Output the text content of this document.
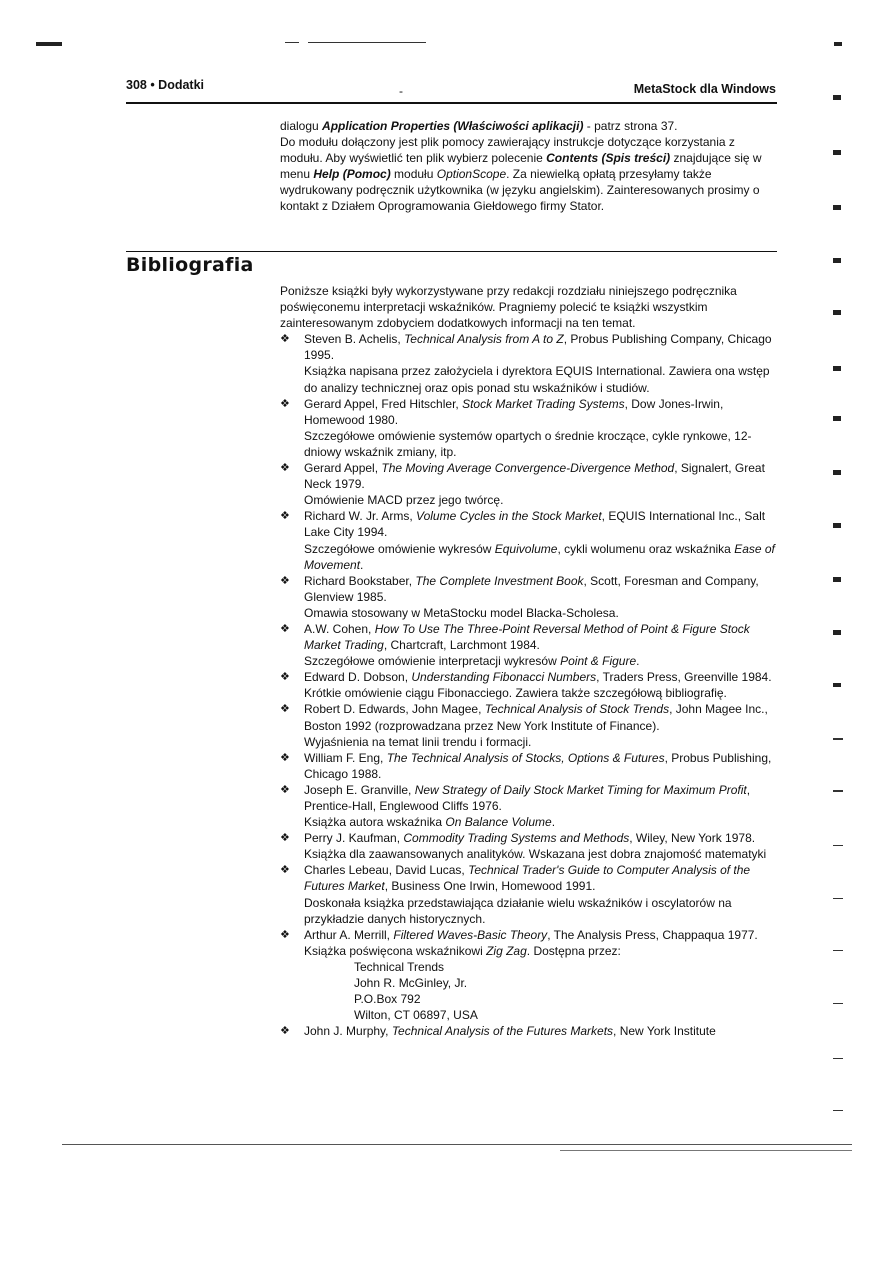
308 • Dodatki	-	MetaStock dla Windows
dialogu Application Properties (Właściwości aplikacji) - patrz strona 37.
Do modułu dołączony jest plik pomocy zawierający instrukcje dotyczące korzystania z modułu. Aby wyświetlić ten plik wybierz polecenie Contents (Spis treści) znajdujące się w menu Help (Pomoc) modułu OptionScope. Za niewielką opłatą przesyłamy także wydrukowany podręcznik użytkownika (w języku angielskim). Zainteresowanych prosimy o kontakt z Działem Oprogramowania Giełdowego firmy Stator.
Bibliografia

Poniższe książki były wykorzystywane przy redakcji rozdziału niniejszego podręcznika poświęconemu interpretacji wskaźników. Pragniemy polecić te książki wszystkim zainteresowanym zdobyciem dodatkowych informacji na ten temat.

❖ Steven B. Achelis, Technical Analysis from A to Z, Probus Publishing Company, Chicago 1995.
Książka napisana przez założyciela i dyrektora EQUIS International. Zawiera ona wstęp do analizy technicznej oraz opis ponad stu wskaźników i studiów.
❖ Gerard Appel, Fred Hitschler, Stock Market Trading Systems, Dow Jones-Irwin, Homewood 1980.
Szczegółowe omówienie systemów opartych o średnie kroczące, cykle rynkowe, 12-dniowy wskaźnik zmiany, itp.
❖ Gerard Appel, The Moving Average Convergence-Divergence Method, Signalert, Great Neck 1979.
Omówienie MACD przez jego twórcę.
❖ Richard W. Jr. Arms, Volume Cycles in the Stock Market, EQUIS International Inc., Salt Lake City 1994.
Szczegółowe omówienie wykresów Equivolume, cykli wolumenu oraz wskaźnika Ease of Movement.
❖ Richard Bookstaber, The Complete Investment Book, Scott, Foresman and Company, Glenview 1985.
Omawia stosowany w MetaStocku model Blacka-Scholesa.
❖ A.W. Cohen, How To Use The Three-Point Reversal Method of Point & Figure Stock Market Trading, Chartcraft, Larchmont 1984.
Szczegółowe omówienie interpretacji wykresów Point & Figure.
❖ Edward D. Dobson, Understanding Fibonacci Numbers, Traders Press, Greenville 1984.
Krótkie omówienie ciągu Fibonacciego. Zawiera także szczegółową bibliografię.
❖ Robert D. Edwards, John Magee, Technical Analysis of Stock Trends, John Magee Inc., Boston 1992 (rozprowadzana przez New York Institute of Finance).
Wyjaśnienia na temat linii trendu i formacji.
❖ William F. Eng, The Technical Analysis of Stocks, Options & Futures, Probus Publishing, Chicago 1988.
❖ Joseph E. Granville, New Strategy of Daily Stock Market Timing for Maximum Profit, Prentice-Hall, Englewood Cliffs 1976.
Książka autora wskaźnika On Balance Volume.
❖ Perry J. Kaufman, Commodity Trading Systems and Methods, Wiley, New York 1978.
Książka dla zaawansowanych analityków. Wskazana jest dobra znajomość matematyki
❖ Charles Lebeau, David Lucas, Technical Trader's Guide to Computer Analysis of the Futures Market, Business One Irwin, Homewood 1991.
Doskonała książka przedstawiająca działanie wielu wskaźników i oscylatorów na przykładzie danych historycznych.
❖ Arthur A. Merrill, Filtered Waves-Basic Theory, The Analysis Press, Chappaqua 1977.
Książka poświęcona wskaźnikowi Zig Zag. Dostępna przez:
Technical Trends
John R. McGinley, Jr.
P.O.Box 792
Wilton, CT 06897, USA
❖ John J. Murphy, Technical Analysis of the Futures Markets, New York Institute
